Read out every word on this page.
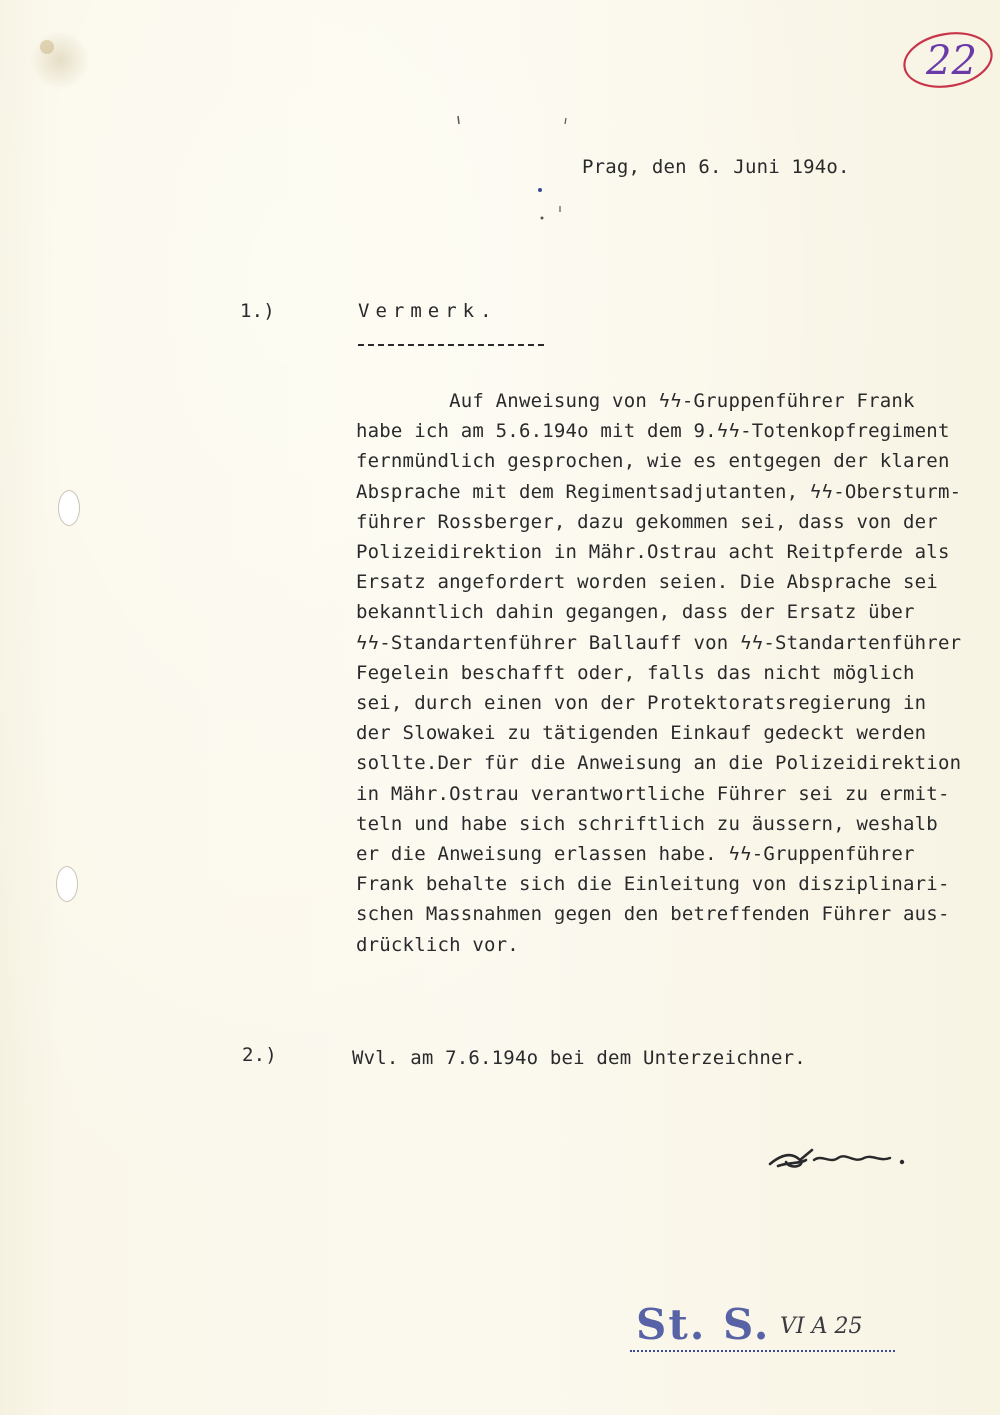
22
Prag, den 6. Juni 194o.
1.)	Vermerk.
Auf Anweisung von ϟϟ-Gruppenführer Frank
habe ich am 5.6.194o mit dem 9.ϟϟ-Totenkopfregiment
fernmündlich gesprochen, wie es entgegen der klaren
Absprache mit dem Regimentsadjutanten, ϟϟ-Obersturm-
führer Rossberger, dazu gekommen sei, dass von der
Polizeidirektion in Mähr.Ostrau acht Reitpferde als
Ersatz angefordert worden seien. Die Absprache sei
bekanntlich dahin gegangen, dass der Ersatz über
ϟϟ-Standartenführer Ballauff von ϟϟ-Standartenführer
Fegelein beschafft oder, falls das nicht möglich
sei, durch einen von der Protektoratsregierung in
der Slowakei zu tätigenden Einkauf gedeckt werden
sollte.Der für die Anweisung an die Polizeidirektion
in Mähr.Ostrau verantwortliche Führer sei zu ermit-
teln und habe sich schriftlich zu äussern, weshalb
er die Anweisung erlassen habe. ϟϟ-Gruppenführer
Frank behalte sich die Einleitung von disziplinari-
schen Massnahmen gegen den betreffenden Führer aus-
drücklich vor.
2.)	Wvl. am 7.6.194o bei dem Unterzeichner.
St. S. VI A 25
